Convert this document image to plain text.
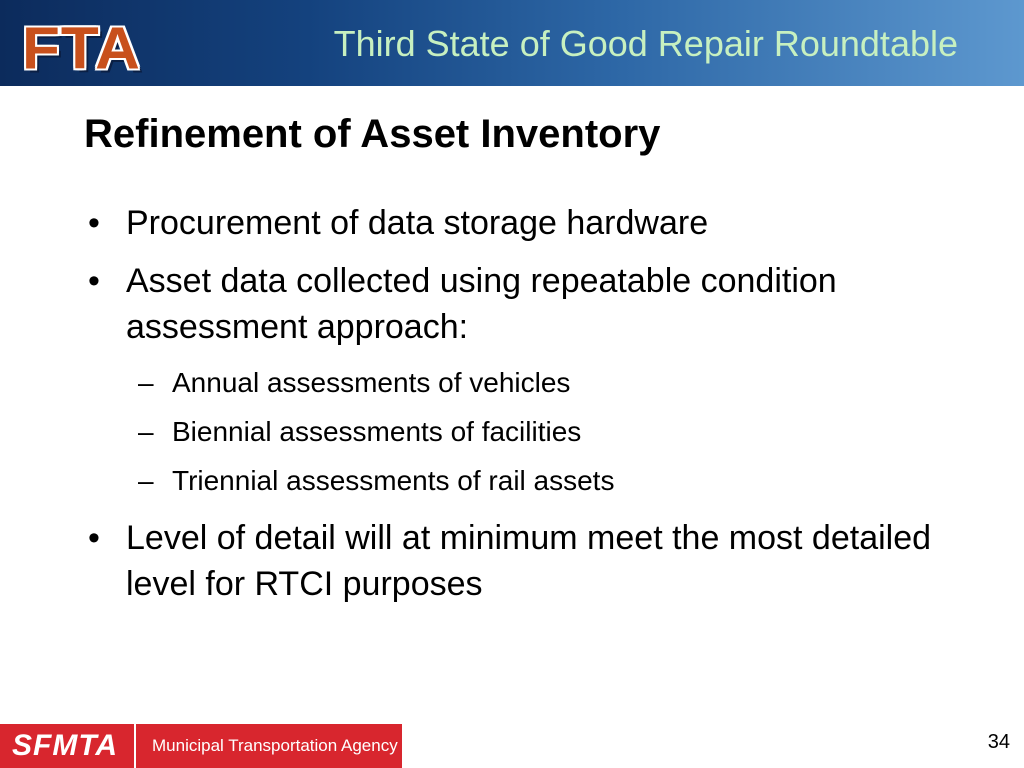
FTA	Third State of Good Repair Roundtable
Refinement of Asset Inventory
• Procurement of data storage hardware
• Asset data collected using repeatable condition assessment approach:
– Annual assessments of vehicles
– Biennial assessments of facilities
– Triennial assessments of rail assets
• Level of detail will at minimum meet the most detailed level for RTCI purposes
SFMTA Municipal Transportation Agency	34
